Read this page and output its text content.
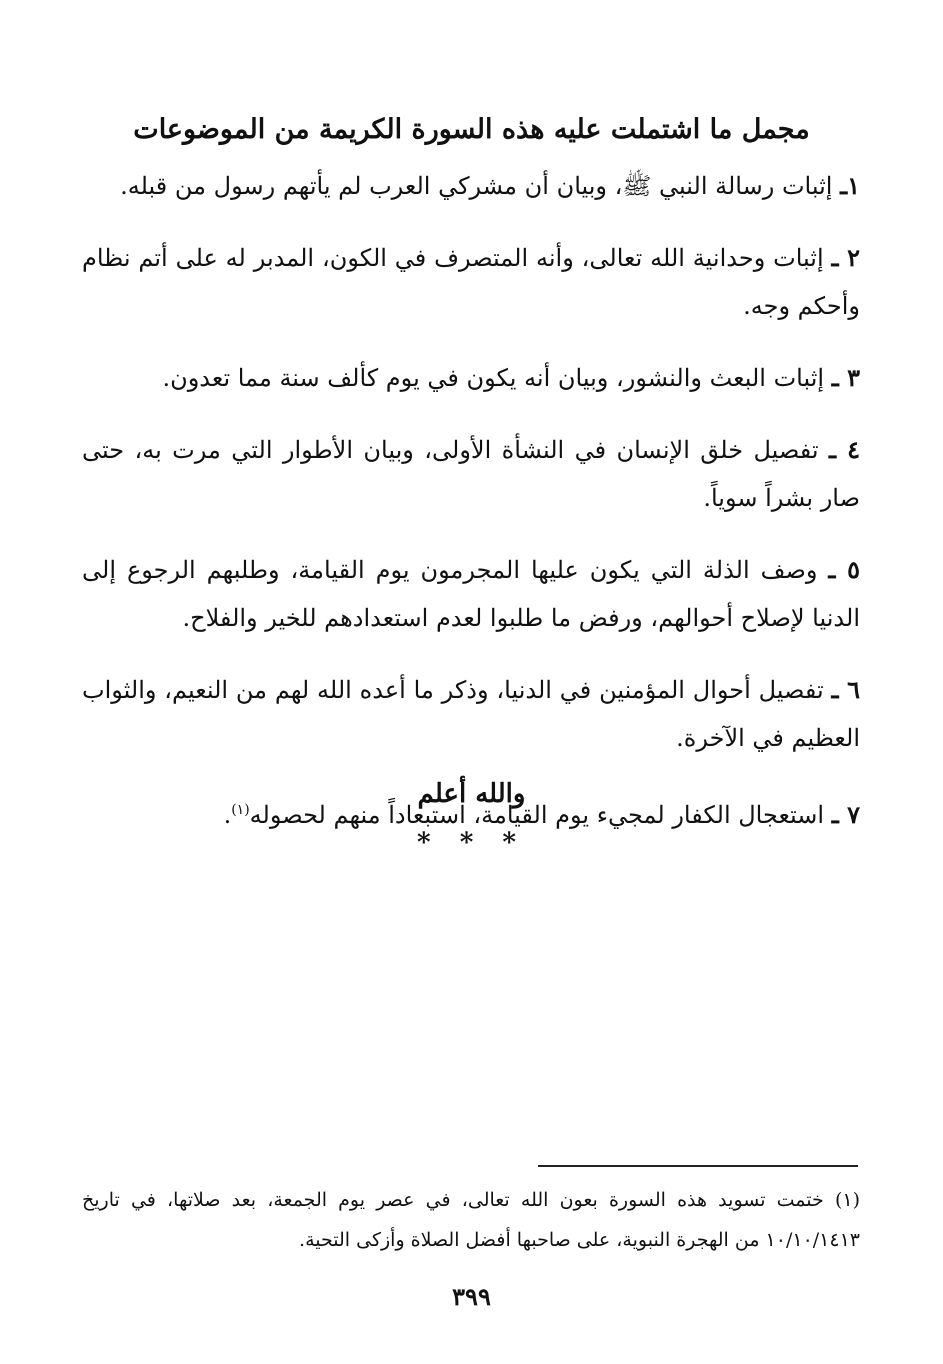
مجمل ما اشتملت عليه هذه السورة الكريمة من الموضوعات

١ـ إثبات رسالة النبي ﷺ، وبيان أن مشركي العرب لم يأتهم رسول من قبله.

٢ ـ إثبات وحدانية الله تعالى، وأنه المتصرف في الكون، المدبر له على أتم نظام وأحكم وجه.

٣ ـ إثبات البعث والنشور، وبيان أنه يكون في يوم كألف سنة مما تعدون.

٤ ـ تفصيل خلق الإنسان في النشأة الأولى، وبيان الأطوار التي مرت به، حتى صار بشراً سوياً.

٥ ـ وصف الذلة التي يكون عليها المجرمون يوم القيامة، وطلبهم الرجوع إلى الدنيا لإصلاح أحوالهم، ورفض ما طلبوا لعدم استعدادهم للخير والفلاح.

٦ ـ تفصيل أحوال المؤمنين في الدنيا، وذكر ما أعده الله لهم من النعيم، والثواب العظيم في الآخرة.

٧ ـ استعجال الكفار لمجيء يوم القيامة، استبعاداً منهم لحصوله$^{(١)}$.

والله أعلم
* * *
(١) ختمت تسويد هذه السورة بعون الله تعالى، في عصر يوم الجمعة، بعد صلاتها، في تاريخ ١٠/١٠/١٤١٣ من الهجرة النبوية، على صاحبها أفضل الصلاة وأزكى التحية.
٣٩٩
